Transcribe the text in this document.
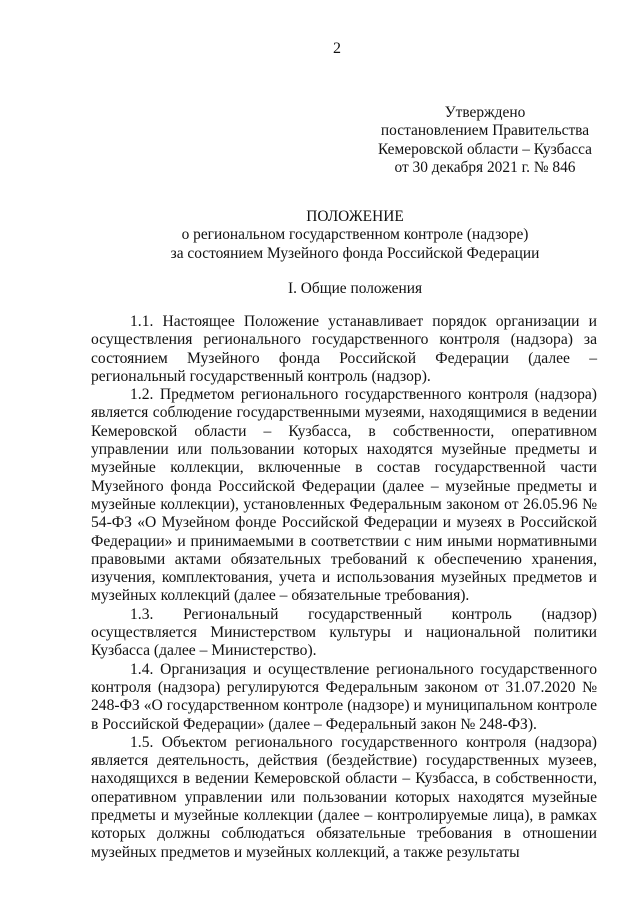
2
Утверждено
постановлением Правительства
Кемеровской области – Кузбасса
от 30 декабря 2021 г. № 846
ПОЛОЖЕНИЕ
о региональном государственном контроле (надзоре)
за состоянием Музейного фонда Российской Федерации
I. Общие положения

1.1. Настоящее Положение устанавливает порядок организации и осуществления регионального государственного контроля (надзора) за состоянием Музейного фонда Российской Федерации (далее – региональный государственный контроль (надзор).

1.2. Предметом регионального государственного контроля (надзора) является соблюдение государственными музеями, находящимися в ведении Кемеровской области – Кузбасса, в собственности, оперативном управлении или пользовании которых находятся музейные предметы и музейные коллекции, включенные в состав государственной части Музейного фонда Российской Федерации (далее – музейные предметы и музейные коллекции), установленных Федеральным законом от 26.05.96 № 54-ФЗ «О Музейном фонде Российской Федерации и музеях в Российской Федерации» и принимаемыми в соответствии с ним иными нормативными правовыми актами обязательных требований к обеспечению хранения, изучения, комплектования, учета и использования музейных предметов и музейных коллекций (далее – обязательные требования).

1.3. Региональный государственный контроль (надзор) осуществляется Министерством культуры и национальной политики Кузбасса (далее – Министерство).

1.4. Организация и осуществление регионального государственного контроля (надзора) регулируются Федеральным законом от 31.07.2020 № 248-ФЗ «О государственном контроле (надзоре) и муниципальном контроле в Российской Федерации» (далее – Федеральный закон № 248-ФЗ).

1.5. Объектом регионального государственного контроля (надзора) является деятельность, действия (бездействие) государственных музеев, находящихся в ведении Кемеровской области – Кузбасса, в собственности, оперативном управлении или пользовании которых находятся музейные предметы и музейные коллекции (далее – контролируемые лица), в рамках которых должны соблюдаться обязательные требования в отношении музейных предметов и музейных коллекций, а также результаты
